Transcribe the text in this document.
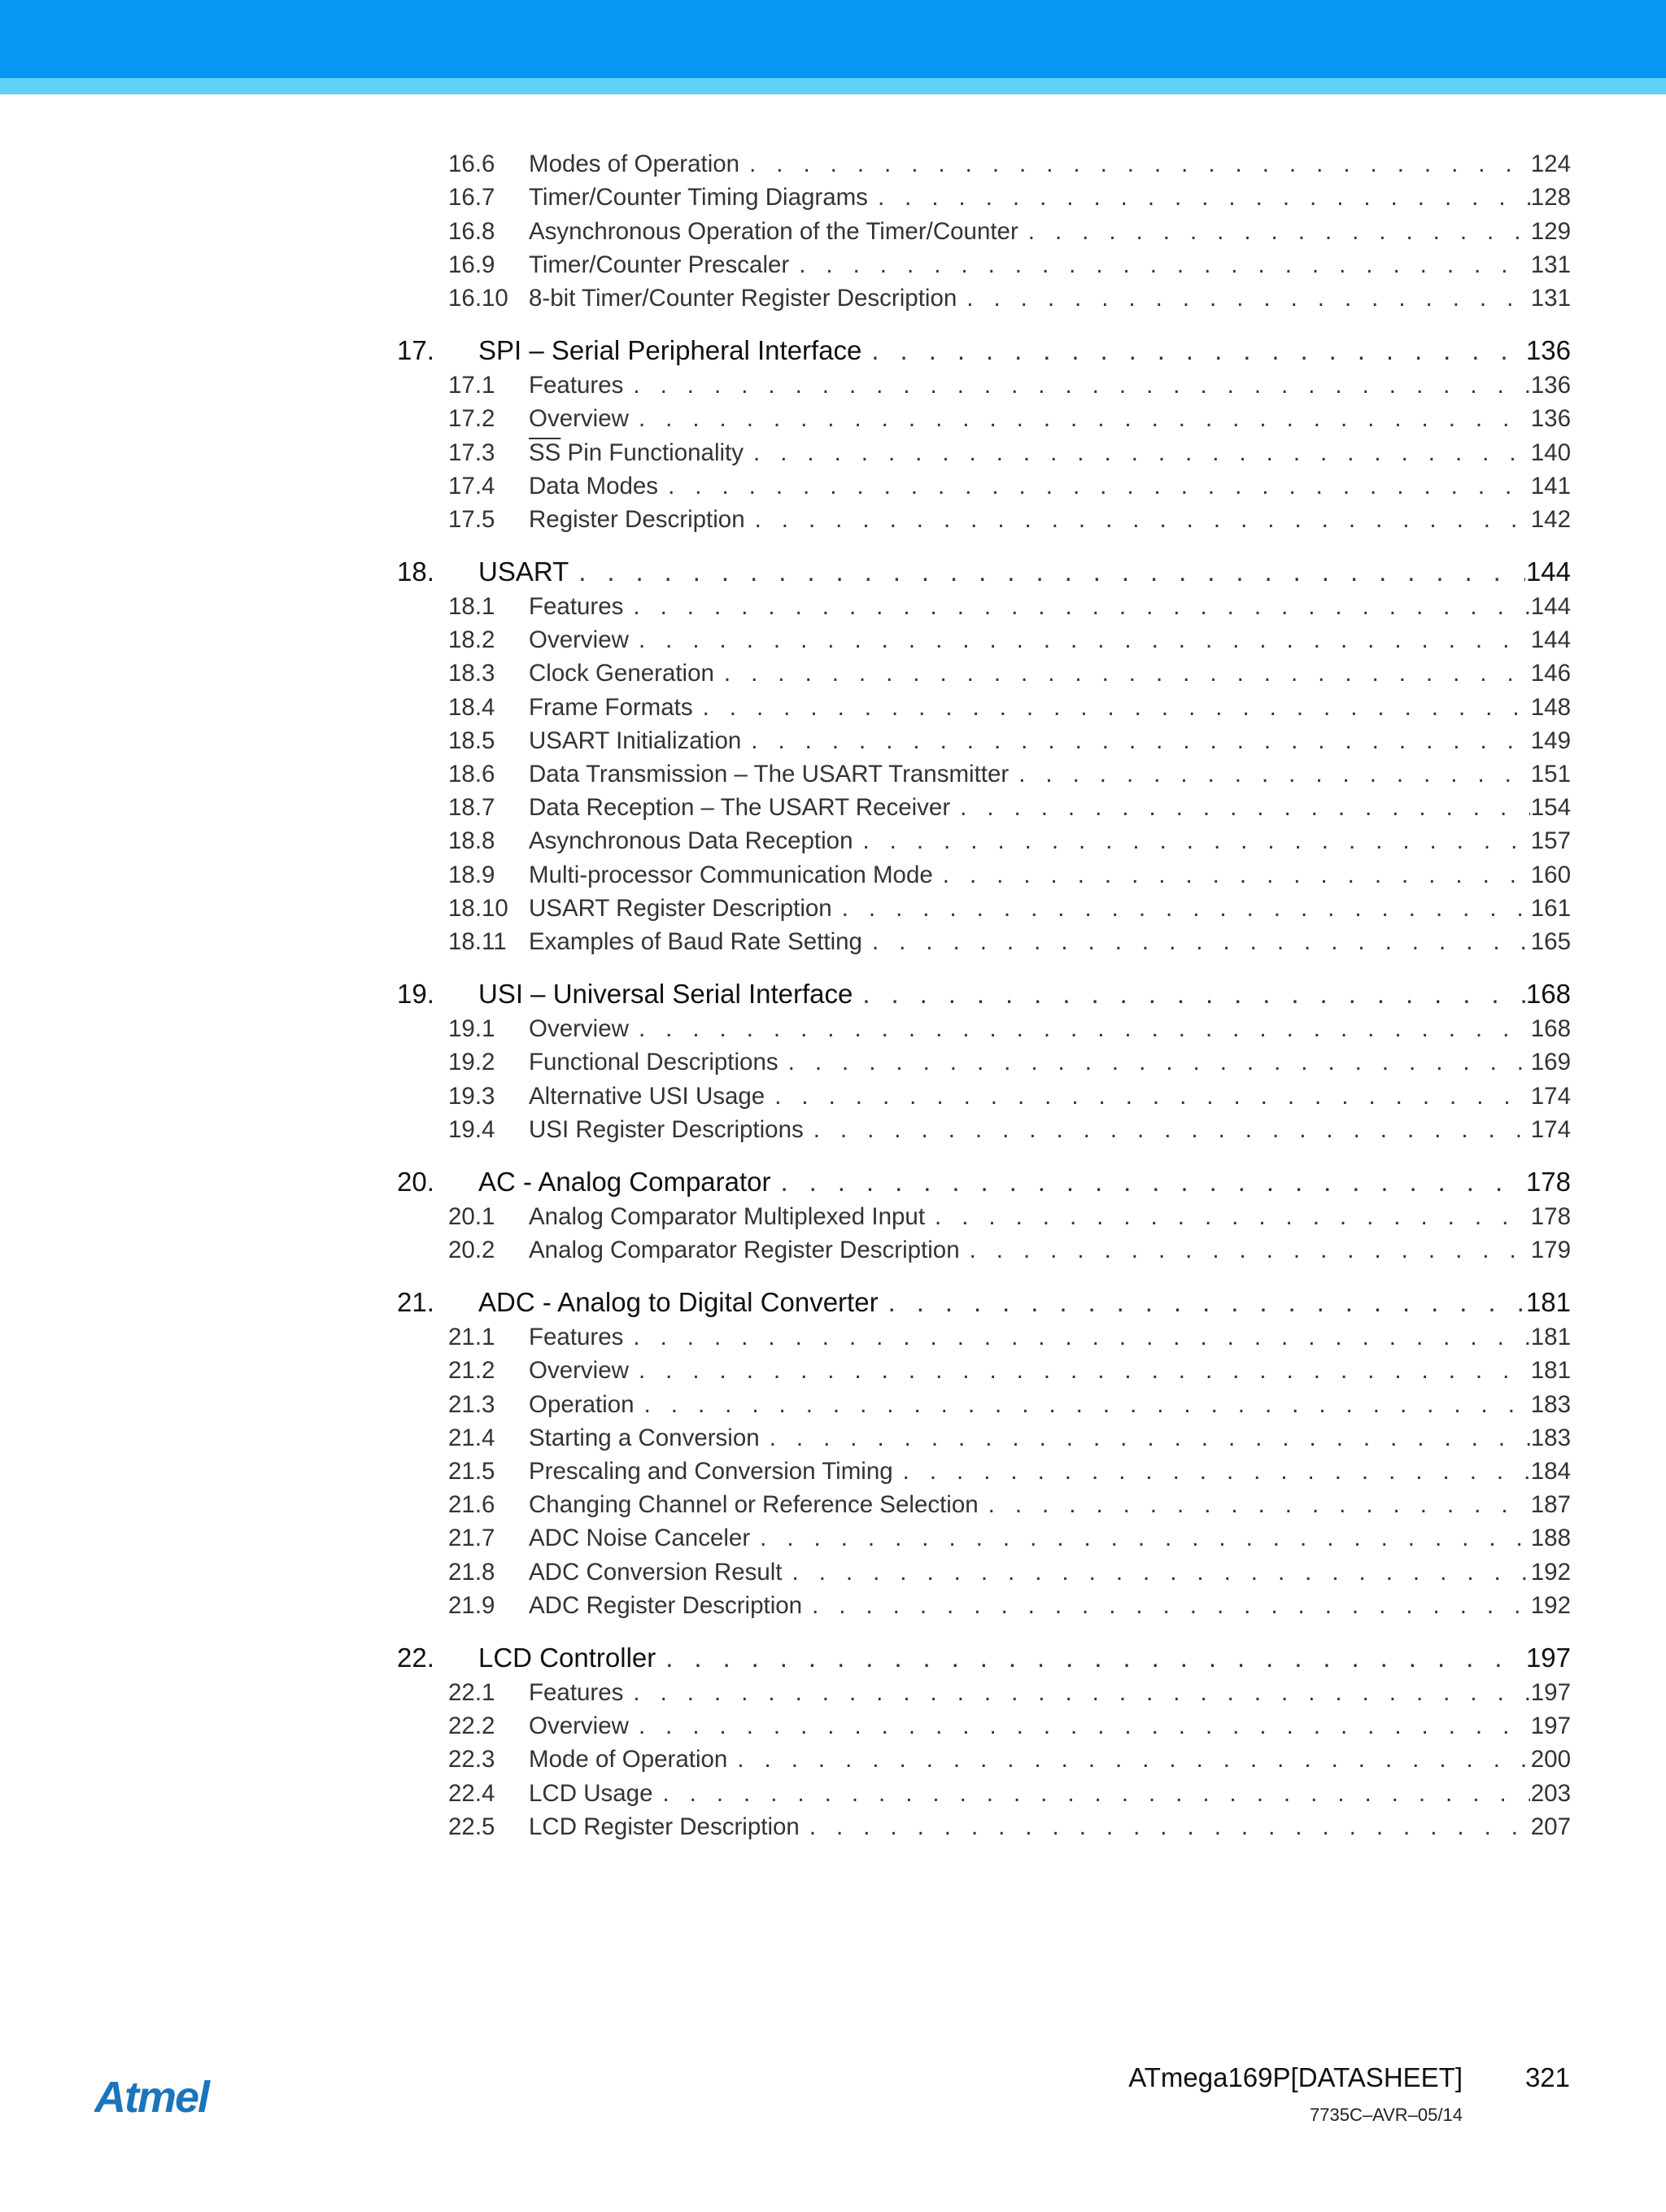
16.6	Modes of Operation . . .	124
16.7	Timer/Counter Timing Diagrams . . .	128
16.8	Asynchronous Operation of the Timer/Counter . . .	129
16.9	Timer/Counter Prescaler . . .	131
16.10 8-bit Timer/Counter Register Description . . .	131
17.	SPI – Serial Peripheral Interface . . .	136
17.1	Features . . .	136
17.2	Overview . . .	136
17.3	$\overline{SS}$ Pin Functionality . . .	140
17.4	Data Modes . . .	141
17.5	Register Description . . .	142
18.	USART . . .	144
18.1	Features . . .	144
18.2	Overview . . .	144
18.3	Clock Generation . . .	146
18.4	Frame Formats . . .	148
18.5	USART Initialization . . .	149
18.6	Data Transmission – The USART Transmitter . . .	151
18.7	Data Reception – The USART Receiver . . .	154
18.8	Asynchronous Data Reception . . .	157
18.9	Multi-processor Communication Mode . . .	160
18.10 USART Register Description . . .	161
18.11 Examples of Baud Rate Setting . . .	165
19.	USI – Universal Serial Interface . . .	168
19.1	Overview . . .	168
19.2	Functional Descriptions . . .	169
19.3	Alternative USI Usage . . .	174
19.4	USI Register Descriptions . . .	174
20.	AC - Analog Comparator . . .	178
20.1	Analog Comparator Multiplexed Input . . .	178
20.2	Analog Comparator Register Description . . .	179
21.	ADC - Analog to Digital Converter . . .	181
21.1	Features . . .	181
21.2	Overview . . .	181
21.3	Operation . . .	183
21.4	Starting a Conversion . . .	183
21.5	Prescaling and Conversion Timing . . .	184
21.6	Changing Channel or Reference Selection . . .	187
21.7	ADC Noise Canceler . . .	188
21.8	ADC Conversion Result . . .	192
21.9	ADC Register Description . . .	192
22.	LCD Controller . . .	197
22.1	Features . . .	197
22.2	Overview . . .	197
22.3	Mode of Operation . . .	200
22.4	LCD Usage . . .	203
22.5	LCD Register Description . . .	207
Atmel	ATmega169P[DATASHEET] 321
7735C–AVR–05/14
